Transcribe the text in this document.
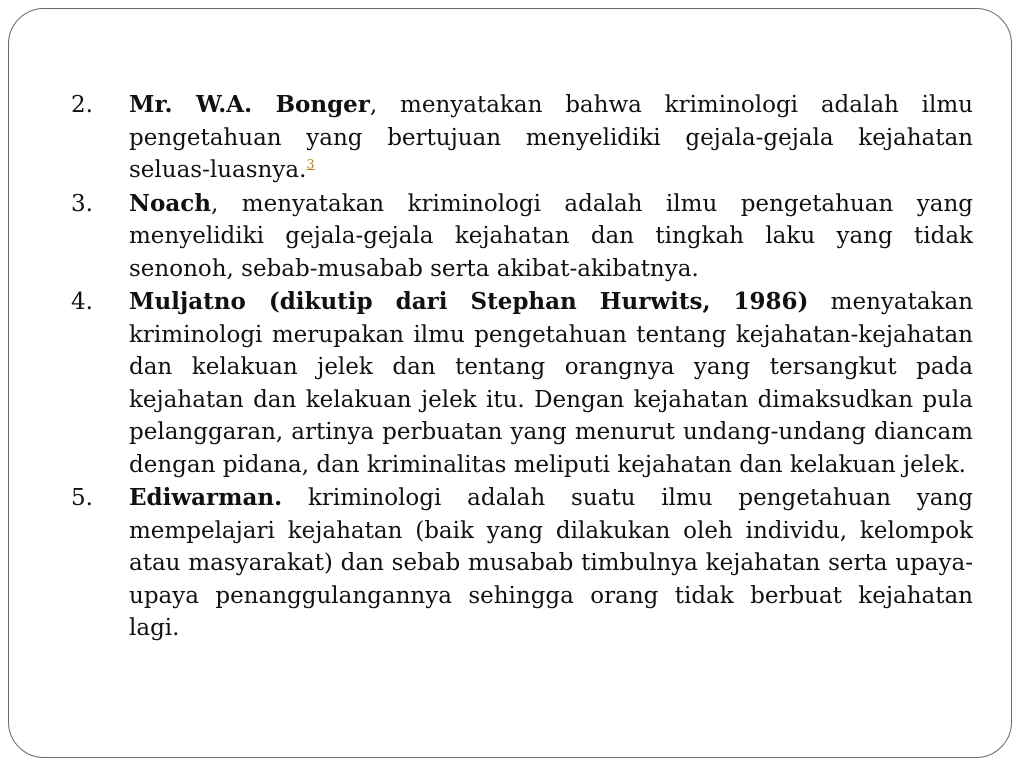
2.	Mr. W.A. Bonger, menyatakan bahwa kriminologi adalah ilmu pengetahuan yang bertujuan menyelidiki gejala-gejala kejahatan seluas-luasnya.$^3$
3.	Noach, menyatakan kriminologi adalah ilmu pengetahuan yang menyelidiki gejala-gejala kejahatan dan tingkah laku yang tidak senonoh, sebab-musabab serta akibat-akibatnya.
4.	Muljatno (dikutip dari Stephan Hurwits, 1986) menyatakan kriminologi merupakan ilmu pengetahuan tentang kejahatan-kejahatan dan kelakuan jelek dan tentang orangnya yang tersangkut pada kejahatan dan kelakuan jelek itu. Dengan kejahatan dimaksudkan pula pelanggaran, artinya perbuatan yang menurut undang-undang diancam dengan pidana, dan kriminalitas meliputi kejahatan dan kelakuan jelek.
5.	Ediwarman. kriminologi adalah suatu ilmu pengetahuan yang mempelajari kejahatan (baik yang dilakukan oleh individu, kelompok atau masyarakat) dan sebab musabab timbulnya kejahatan serta upaya-upaya penanggulangannya sehingga orang tidak berbuat kejahatan lagi.
